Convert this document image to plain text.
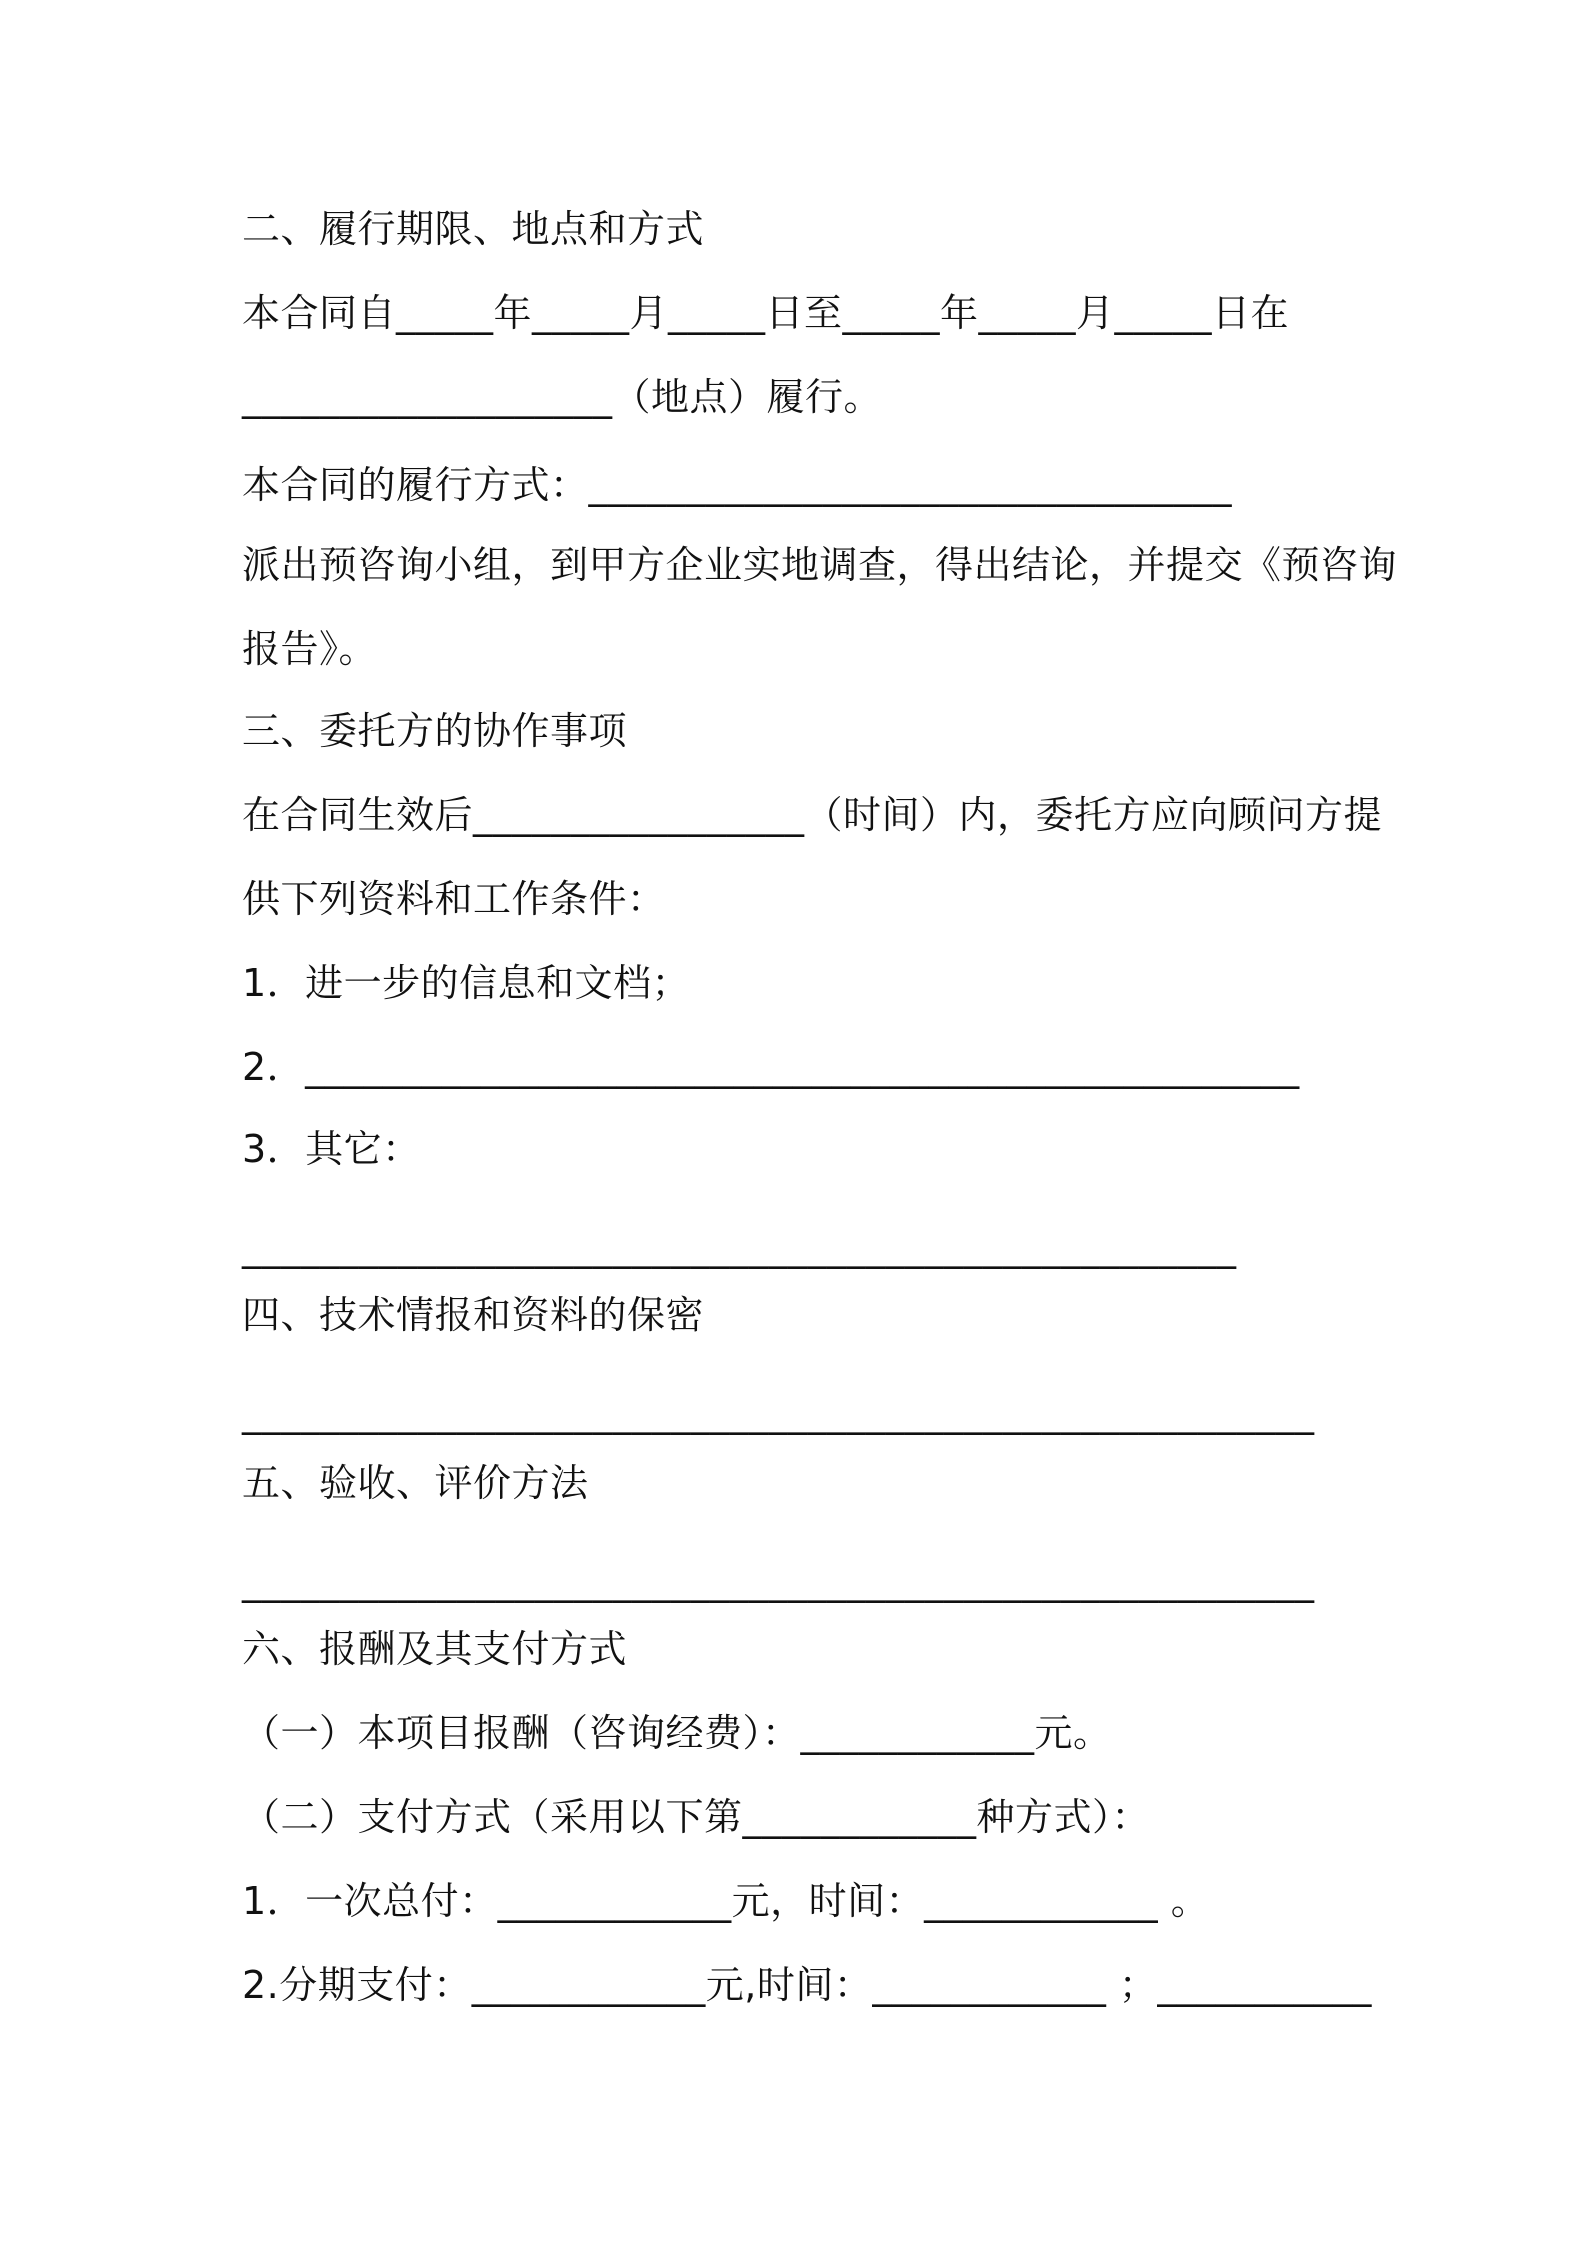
二、履行期限、地点和方式
本合同自_____年_____月_____日至_____年_____月_____日在
___________________（地点）履行。
本合同的履行方式：_________________________________
派出预咨询小组，到甲方企业实地调查，得出结论，并提交《预咨询
报告》。
三、委托方的协作事项
在合同生效后_________________（时间）内，委托方应向顾问方提
供下列资料和工作条件：
1．进一步的信息和文档；
2．___________________________________________________
3．其它：
___________________________________________________
四、技术情报和资料的保密
_______________________________________________________
五、验收、评价方法
_______________________________________________________
六、报酬及其支付方式
（一）本项目报酬（咨询经费）：____________元。
（二）支付方式（采用以下第____________种方式）：
1．一次总付：____________元，时间：____________ 。
2.分期支付：____________元,时间：____________ ；___________
